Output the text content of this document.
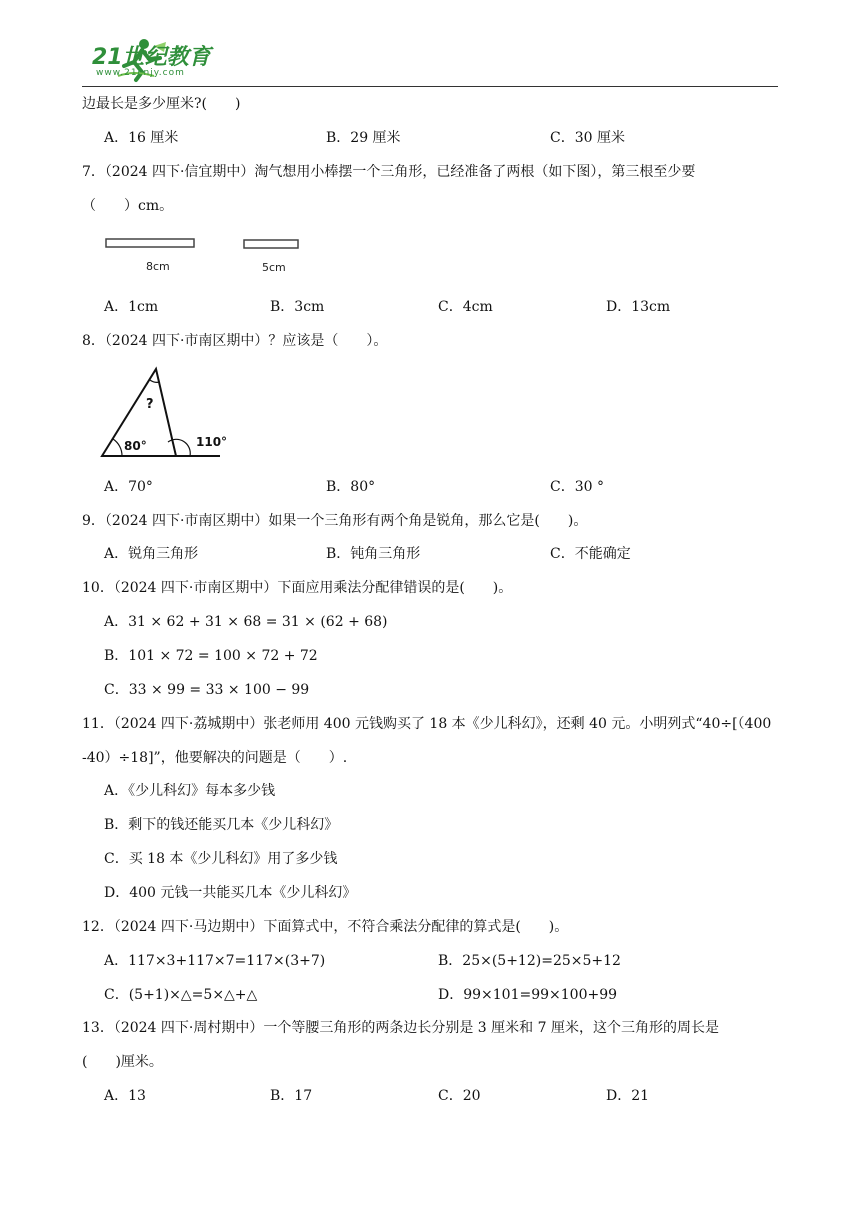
21世纪教育
www.21cnjy.com
边最长是多少厘米?(　　)
A．16 厘米	B．29 厘米	C．30 厘米
7．（2024 四下·信宜期中）淘气想用小棒摆一个三角形，已经准备了两根（如下图），第三根至少要
（　　）cm。
8cm	5cm
A．1cm	B．3cm	C．4cm	D．13cm
8．（2024 四下·市南区期中）？应该是（　　）。
?
80°	110°
A．70°	B．80°	C．30 °
9．（2024 四下·市南区期中）如果一个三角形有两个角是锐角，那么它是(　　)。
A．锐角三角形	B．钝角三角形	C．不能确定
10．（2024 四下·市南区期中）下面应用乘法分配律错误的是(　　)。
A．31 × 62 + 31 × 68 = 31 × (62 + 68)
B．101 × 72 = 100 × 72 + 72
C．33 × 99 = 33 × 100 − 99
11．（2024 四下·荔城期中）张老师用 400 元钱购买了 18 本《少儿科幻》，还剩 40 元。小明列式“40÷[（400
-40）÷18]”，他要解决的问题是（　　）.
A．《少儿科幻》每本多少钱
B．剩下的钱还能买几本《少儿科幻》
C．买 18 本《少儿科幻》用了多少钱
D．400 元钱一共能买几本《少儿科幻》
12．（2024 四下·马边期中）下面算式中，不符合乘法分配律的算式是(　　)。
A．117×3+117×7=117×(3+7)	B．25×(5+12)=25×5+12
C．(5+1)×△=5×△+△	D．99×101=99×100+99
13．（2024 四下·周村期中）一个等腰三角形的两条边长分别是 3 厘米和 7 厘米，这个三角形的周长是
(　　)厘米。
A．13	B．17	C．20	D．21
